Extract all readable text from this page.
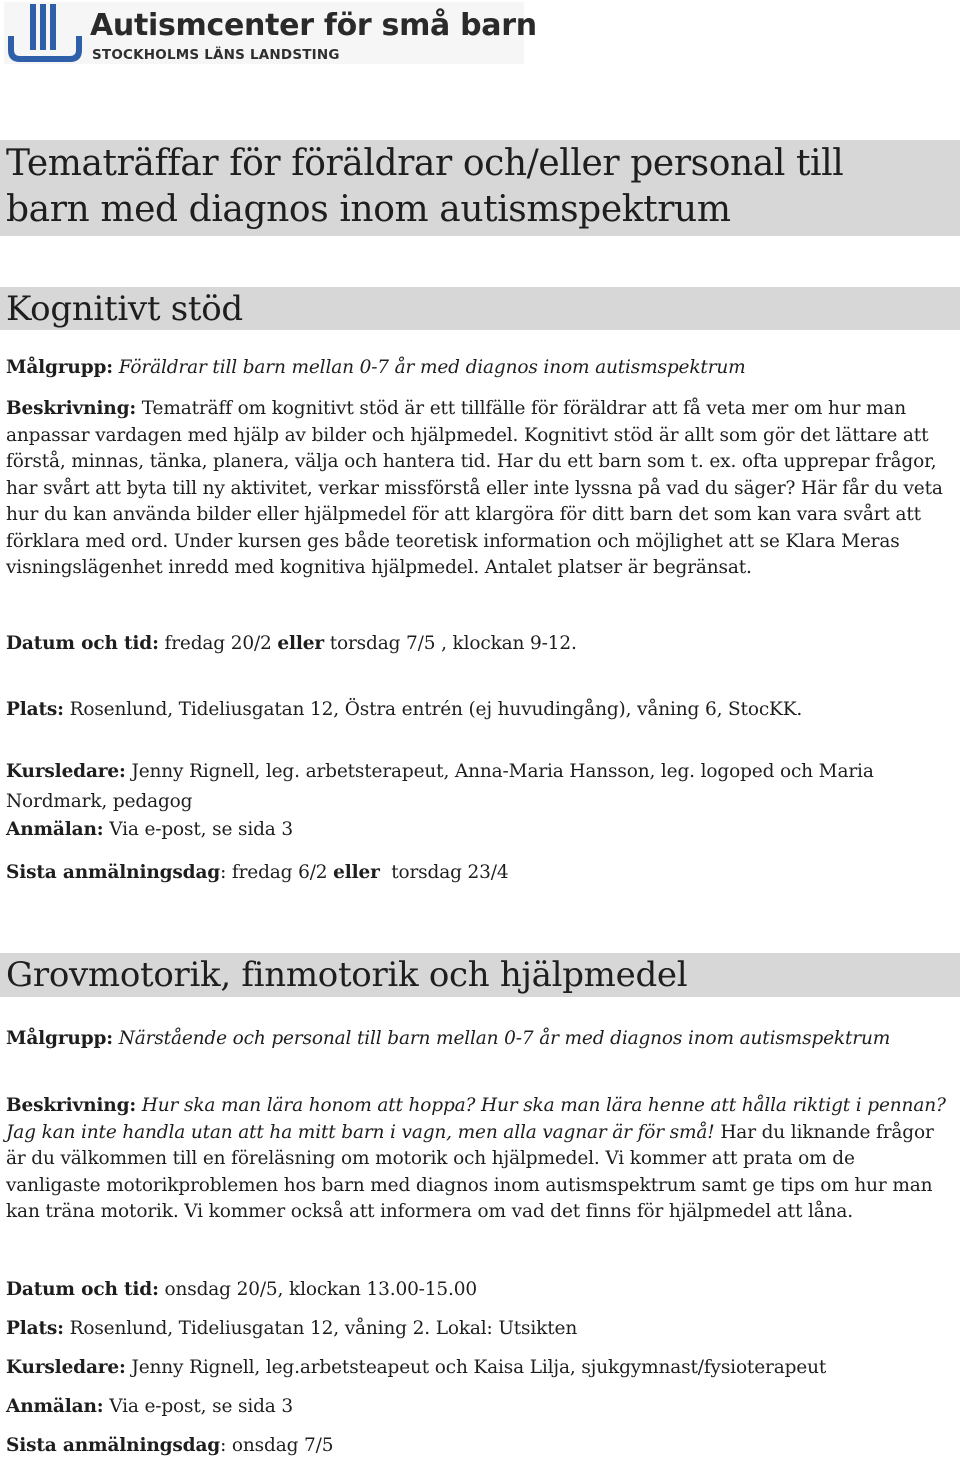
Autismcenter för små barn
STOCKHOLMS LÄNS LANDSTING
Tematräffar för föräldrar och/eller personal till
barn med diagnos inom autismspektrum
Kognitivt stöd

Målgrupp: Föräldrar till barn mellan 0-7 år med diagnos inom autismspektrum

Beskrivning: Tematräff om kognitivt stöd är ett tillfälle för föräldrar att få veta mer om hur man anpassar vardagen med hjälp av bilder och hjälpmedel. Kognitivt stöd är allt som gör det lättare att förstå, minnas, tänka, planera, välja och hantera tid. Har du ett barn som t. ex. ofta upprepar frågor, har svårt att byta till ny aktivitet, verkar missförstå eller inte lyssna på vad du säger? Här får du veta hur du kan använda bilder eller hjälpmedel för att klargöra för ditt barn det som kan vara svårt att förklara med ord. Under kursen ges både teoretisk information och möjlighet att se Klara Meras visningslägenhet inredd med kognitiva hjälpmedel. Antalet platser är begränsat.

Datum och tid: fredag 20/2 eller torsdag 7/5 , klockan 9-12.

Plats: Rosenlund, Tideliusgatan 12, Östra entrén (ej huvudingång), våning 6, StocKK.

Kursledare: Jenny Rignell, leg. arbetsterapeut, Anna-Maria Hansson, leg. logoped och Maria Nordmark, pedagog

Anmälan: Via e-post, se sida 3

Sista anmälningsdag: fredag 6/2 eller torsdag 23/4

Grovmotorik, finmotorik och hjälpmedel

Målgrupp: Närstående och personal till barn mellan 0-7 år med diagnos inom autismspektrum

Beskrivning: Hur ska man lära honom att hoppa? Hur ska man lära henne att hålla riktigt i pennan? Jag kan inte handla utan att ha mitt barn i vagn, men alla vagnar är för små! Har du liknande frågor är du välkommen till en föreläsning om motorik och hjälpmedel. Vi kommer att prata om de vanligaste motorikproblemen hos barn med diagnos inom autismspektrum samt ge tips om hur man kan träna motorik. Vi kommer också att informera om vad det finns för hjälpmedel att låna.

Datum och tid: onsdag 20/5, klockan 13.00-15.00

Plats: Rosenlund, Tideliusgatan 12, våning 2. Lokal: Utsikten

Kursledare: Jenny Rignell, leg.arbetsteapeut och Kaisa Lilja, sjukgymnast/fysioterapeut

Anmälan: Via e-post, se sida 3

Sista anmälningsdag: onsdag 7/5
